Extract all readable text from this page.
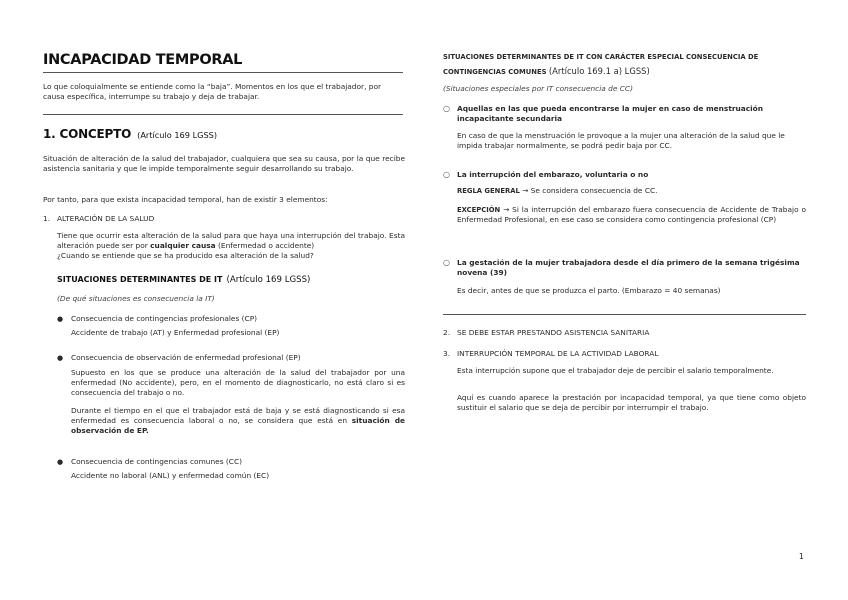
INCAPACIDAD TEMPORAL

Lo que coloquialmente se entiende como la “baja”. Momentos en los que el trabajador, por causa específica, interrumpe su trabajo y deja de trabajar.

1. CONCEPTO (Artículo 169 LGSS)

Situación de alteración de la salud del trabajador, cualquiera que sea su causa, por la que recibe asistencia sanitaria y que le impide temporalmente seguir desarrollando su trabajo.

Por tanto, para que exista incapacidad temporal, han de existir 3 elementos:

1. ALTERACIÓN DE LA SALUD

Tiene que ocurrir esta alteración de la salud para que haya una interrupción del trabajo. Esta alteración puede ser por cualquier causa (Enfermedad o accidente)
¿Cuando se entiende que se ha producido esa alteración de la salud?

SITUACIONES DETERMINANTES DE IT (Artículo 169 LGSS)

(De qué situaciones es consecuencia la IT)

● Consecuencia de contingencias profesionales (CP)

Accidente de trabajo (AT) y Enfermedad profesional (EP)

● Consecuencia de observación de enfermedad profesional (EP)

Supuesto en los que se produce una alteración de la salud del trabajador por una enfermedad (No accidente), pero, en el momento de diagnosticarlo, no está claro si es consecuencia del trabajo o no.

Durante el tiempo en el que el trabajador está de baja y se está diagnosticando si esa enfermedad es consecuencia laboral o no, se considera que está en situación de observación de EP.

● Consecuencia de contingencias comunes (CC)

Accidente no laboral (ANL) y enfermedad común (EC)

SITUACIONES DETERMINANTES DE IT CON CARÁCTER ESPECIAL CONSECUENCIA DE CONTINGENCIAS COMUNES (Artículo 169.1 a) LGSS)

(Situaciones especiales por IT consecuencia de CC)

○ Aquellas en las que pueda encontrarse la mujer en caso de menstruación incapacitante secundaria

En caso de que la menstruación le provoque a la mujer una alteración de la salud que le impida trabajar normalmente, se podrá pedir baja por CC.

○ La interrupción del embarazo, voluntaria o no

REGLA GENERAL → Se considera consecuencia de CC.

EXCEPCIÓN → Si la interrupción del embarazo fuera consecuencia de Accidente de Trabajo o Enfermedad Profesional, en ese caso se considera como contingencia profesional (CP)

○ La gestación de la mujer trabajadora desde el día primero de la semana trigésima novena (39)

Es decir, antes de que se produzca el parto. (Embarazo = 40 semanas)

2. SE DEBE ESTAR PRESTANDO ASISTENCIA SANITARIA
3. INTERRUPCIÓN TEMPORAL DE LA ACTIVIDAD LABORAL

Esta interrupción supone que el trabajador deje de percibir el salario temporalmente.

Aquí es cuando aparece la prestación por incapacidad temporal, ya que tiene como objeto sustituir el salario que se deja de percibir por interrumpir el trabajo.

1
